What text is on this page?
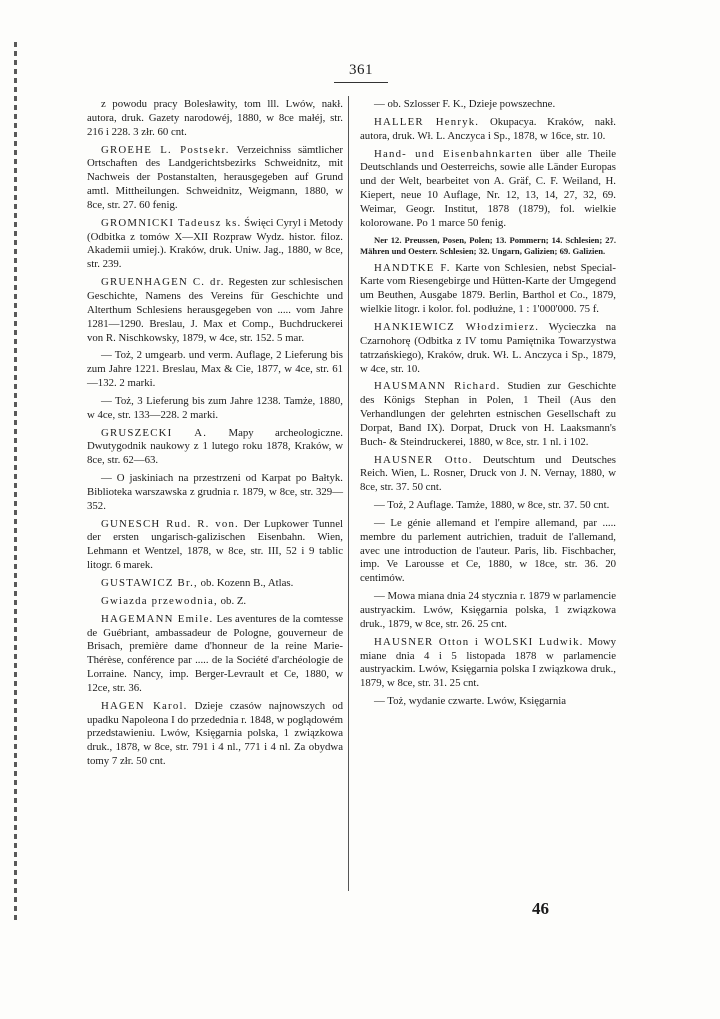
361

z powodu pracy Bolesławity, tom lll. Lwów, nakł. autora, druk. Gazety narodowéj, 1880, w 8ce małéj, str. 216 i 228. 3 złr. 60 cnt.

GROEHE L. Postsekr. Verzeichniss sämtlicher Ortschaften des Landgerichtsbezirks Schweidnitz, mit Nachweis der Postanstalten, herausgegeben auf Grund amtl. Mittheilungen. Schweidnitz, Weigmann, 1880, w 8ce, str. 27. 60 fenig.

GROMNICKI Tadeusz ks. Święci Cyryl i Metody (Odbitka z tomów X—XII Rozpraw Wydz. histor. filoz. Akademii umiej.). Kraków, druk. Uniw. Jag., 1880, w 8ce, str. 239.

GRUENHAGEN C. dr. Regesten zur schlesischen Geschichte, Namens des Vereins für Geschichte und Alterthum Schlesiens herausgegeben von ..... vom Jahre 1281—1290. Breslau, J. Max et Comp., Buchdruckerei von R. Nischkowsky, 1879, w 4ce, str. 152. 5 mar.

— Toż, 2 umgearb. und verm. Auflage, 2 Lieferung bis zum Jahre 1221. Breslau, Max & Cie, 1877, w 4ce, str. 61—132. 2 marki.

— Toż, 3 Lieferung bis zum Jahre 1238. Tamże, 1880, w 4ce, str. 133—228. 2 marki.

GRUSZECKI A. Mapy archeologiczne. Dwutygodnik naukowy z 1 lutego roku 1878, Kraków, w 8ce, str. 62—63.

— O jaskiniach na przestrzeni od Karpat po Bałtyk. Biblioteka warszawska z grudnia r. 1879, w 8ce, str. 329—352.

GUNESCH Rud. R. von. Der Lupkower Tunnel der ersten ungarisch-galizischen Eisenbahn. Wien, Lehmann et Wentzel, 1878, w 8ce, str. III, 52 i 9 tablic litogr. 6 marek.

GUSTAWICZ Br., ob. Kozenn B., Atlas.

Gwiazda przewodnia, ob. Z.

HAGEMANN Emile. Les aventures de la comtesse de Guébriant, ambassadeur de Pologne, gouverneur de Brisach, première dame d'honneur de la reine Marie-Thérèse, conférence par ..... de la Société d'archéologie de Lorraine. Nancy, imp. Berger-Levrault et Ce, 1880, w 12ce, str. 36.

HAGEN Karol. Dzieje czasów najnowszych od upadku Napoleona I do przedednia r. 1848, w poglądowém przedstawieniu. Lwów, Księgarnia polska, 1 związkowa druk., 1878, w 8ce, str. 791 i 4 nl., 771 i 4 nl. Za obydwa tomy 7 złr. 50 cnt.

— ob. Szlosser F. K., Dzieje powszechne.

HALLER Henryk. Okupacya. Kraków, nakł. autora, druk. Wł. L. Anczyca i Sp., 1878, w 16ce, str. 10.

Hand- und Eisenbahnkarten über alle Theile Deutschlands und Oesterreichs, sowie alle Länder Europas und der Welt, bearbeitet von A. Gräf, C. F. Weiland, H. Kiepert, neue 10 Auflage, Nr. 12, 13, 14, 27, 32, 69. Weimar, Geogr. Institut, 1878 (1879), fol. wielkie kolorowane. Po 1 marce 50 fenig.

Ner 12. Preussen, Posen, Polen; 13. Pommern; 14. Schlesien; 27. Mähren und Oesterr. Schlesien; 32. Ungarn, Galizien; 69. Galizien.

HANDTKE F. Karte von Schlesien, nebst Special-Karte vom Riesengebirge und Hütten-Karte der Umgegend um Beuthen, Ausgabe 1879. Berlin, Barthol et Co., 1879, wielkie litogr. i kolor. fol. podłużne, 1 : 1'000'000. 75 f.

HANKIEWICZ Włodzimierz. Wycieczka na Czarnohorę (Odbitka z IV tomu Pamiętnika Towarzystwa tatrzańskiego), Kraków, druk. Wł. L. Anczyca i Sp., 1879, w 4ce, str. 10.

HAUSMANN Richard. Studien zur Geschichte des Königs Stephan in Polen, 1 Theil (Aus den Verhandlungen der gelehrten estnischen Gesellschaft zu Dorpat, Band IX). Dorpat, Druck von H. Laaksmann's Buch- & Steindruckerei, 1880, w 8ce, str. 1 nl. i 102.

HAUSNER Otto. Deutschtum und Deutsches Reich. Wien, L. Rosner, Druck von J. N. Vernay, 1880, w 8ce, str. 37. 50 cnt.

— Toż, 2 Auflage. Tamże, 1880, w 8ce, str. 37. 50 cnt.

— Le génie allemand et l'empire allemand, par ..... membre du parlement autrichien, traduit de l'allemand, avec une introduction de l'auteur. Paris, lib. Fischbacher, imp. Ve Larousse et Ce, 1880, w 18ce, str. 36. 20 centimów.

— Mowa miana dnia 24 stycznia r. 1879 w parlamencie austryackim. Lwów, Księgarnia polska, 1 związkowa druk., 1879, w 8ce, str. 26. 25 cnt.

HAUSNER Otton i WOLSKI Ludwik. Mowy miane dnia 4 i 5 listopada 1878 w parlamencie austryackim. Lwów, Księgarnia polska I związkowa druk., 1879, w 8ce, str. 31. 25 cnt.

— Toż, wydanie czwarte. Lwów, Księgarnia

46
